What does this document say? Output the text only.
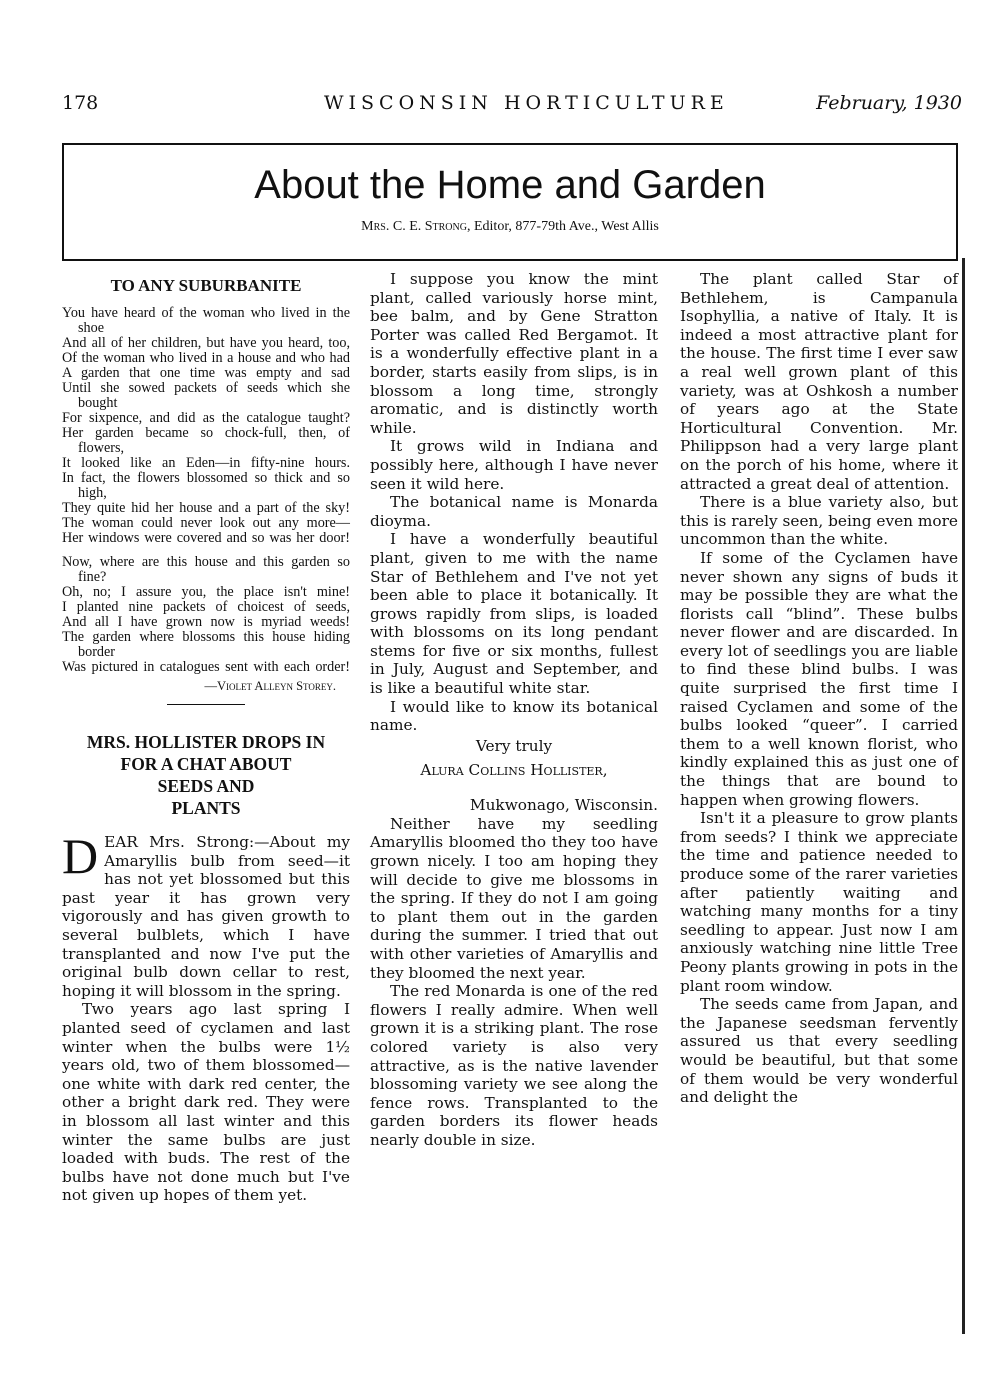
178	WISCONSIN HORTICULTURE	February, 1930
About the Home and Garden
Mrs. C. E. Strong, Editor, 877-79th Ave., West Allis
TO ANY SUBURBANITE
You have heard of the woman who lived in the shoe
And all of her children, but have you heard, too,
Of the woman who lived in a house and who had
A garden that one time was empty and sad
Until she sowed packets of seeds which she bought
For sixpence, and did as the catalogue taught?
Her garden became so chock-full, then, of flowers,
It looked like an Eden—in fifty-nine hours.
In fact, the flowers blossomed so thick and so high,
They quite hid her house and a part of the sky!
The woman could never look out any more—
Her windows were covered and so was her door!
Now, where are this house and this garden so fine?
Oh, no; I assure you, the place isn't mine!
I planted nine packets of choicest of seeds,
And all I have grown now is myriad weeds!
The garden where blossoms this house hiding border
Was pictured in catalogues sent with each order!
—Violet Alleyn Storey.
MRS. HOLLISTER DROPS IN
FOR A CHAT ABOUT
SEEDS AND
PLANTS

DEAR Mrs. Strong:—About my Amaryllis bulb from seed—it has not yet blossomed but this past year it has grown very vigorously and has given growth to several bulblets, which I have transplanted and now I've put the original bulb down cellar to rest, hoping it will blossom in the spring.

Two years ago last spring I planted seed of cyclamen and last winter when the bulbs were 1½ years old, two of them blossomed—one white with dark red center, the other a bright dark red. They were in blossom all last winter and this winter the same bulbs are just loaded with buds. The rest of the bulbs have not done much but I've not given up hopes of them yet.

I suppose you know the mint plant, called variously horse mint, bee balm, and by Gene Stratton Porter was called Red Bergamot. It is a wonderfully effective plant in a border, starts easily from slips, is in blossom a long time, strongly aromatic, and is distinctly worth while.

It grows wild in Indiana and possibly here, although I have never seen it wild here.

The botanical name is Monarda dioyma.

I have a wonderfully beautiful plant, given to me with the name Star of Bethlehem and I've not yet been able to place it botanically. It grows rapidly from slips, is loaded with blossoms on its long pendant stems for five or six months, fullest in July, August and September, and is like a beautiful white star.

I would like to know its botanical name.

Very truly
Alura Collins Hollister,
Mukwonago, Wisconsin.

Neither have my seedling Amaryllis bloomed tho they too have grown nicely. I too am hoping they will decide to give me blossoms in the spring. If they do not I am going to plant them out in the garden during the summer. I tried that out with other varieties of Amaryllis and they bloomed the next year.

The red Monarda is one of the red flowers I really admire. When well grown it is a striking plant. The rose colored variety is also very attractive, as is the native lavender blossoming variety we see along the fence rows. Transplanted to the garden borders its flower heads nearly double in size.

The plant called Star of Bethlehem, is Campanula Isophyllia, a native of Italy. It is indeed a most attractive plant for the house. The first time I ever saw a real well grown plant of this variety, was at Oshkosh a number of years ago at the State Horticultural Convention. Mr. Philippson had a very large plant on the porch of his home, where it attracted a great deal of attention.

There is a blue variety also, but this is rarely seen, being even more uncommon than the white.

If some of the Cyclamen have never shown any signs of buds it may be possible they are what the florists call “blind”. These bulbs never flower and are discarded. In every lot of seedlings you are liable to find these blind bulbs. I was quite surprised the first time I raised Cyclamen and some of the bulbs looked “queer”. I carried them to a well known florist, who kindly explained this as just one of the things that are bound to happen when growing flowers.

Isn't it a pleasure to grow plants from seeds? I think we appreciate the time and patience needed to produce some of the rarer varieties after patiently waiting and watching many months for a tiny seedling to appear. Just now I am anxiously watching nine little Tree Peony plants growing in pots in the plant room window.

The seeds came from Japan, and the Japanese seedsman fervently assured us that every seedling would be beautiful, but that some of them would be very wonderful and delight the
